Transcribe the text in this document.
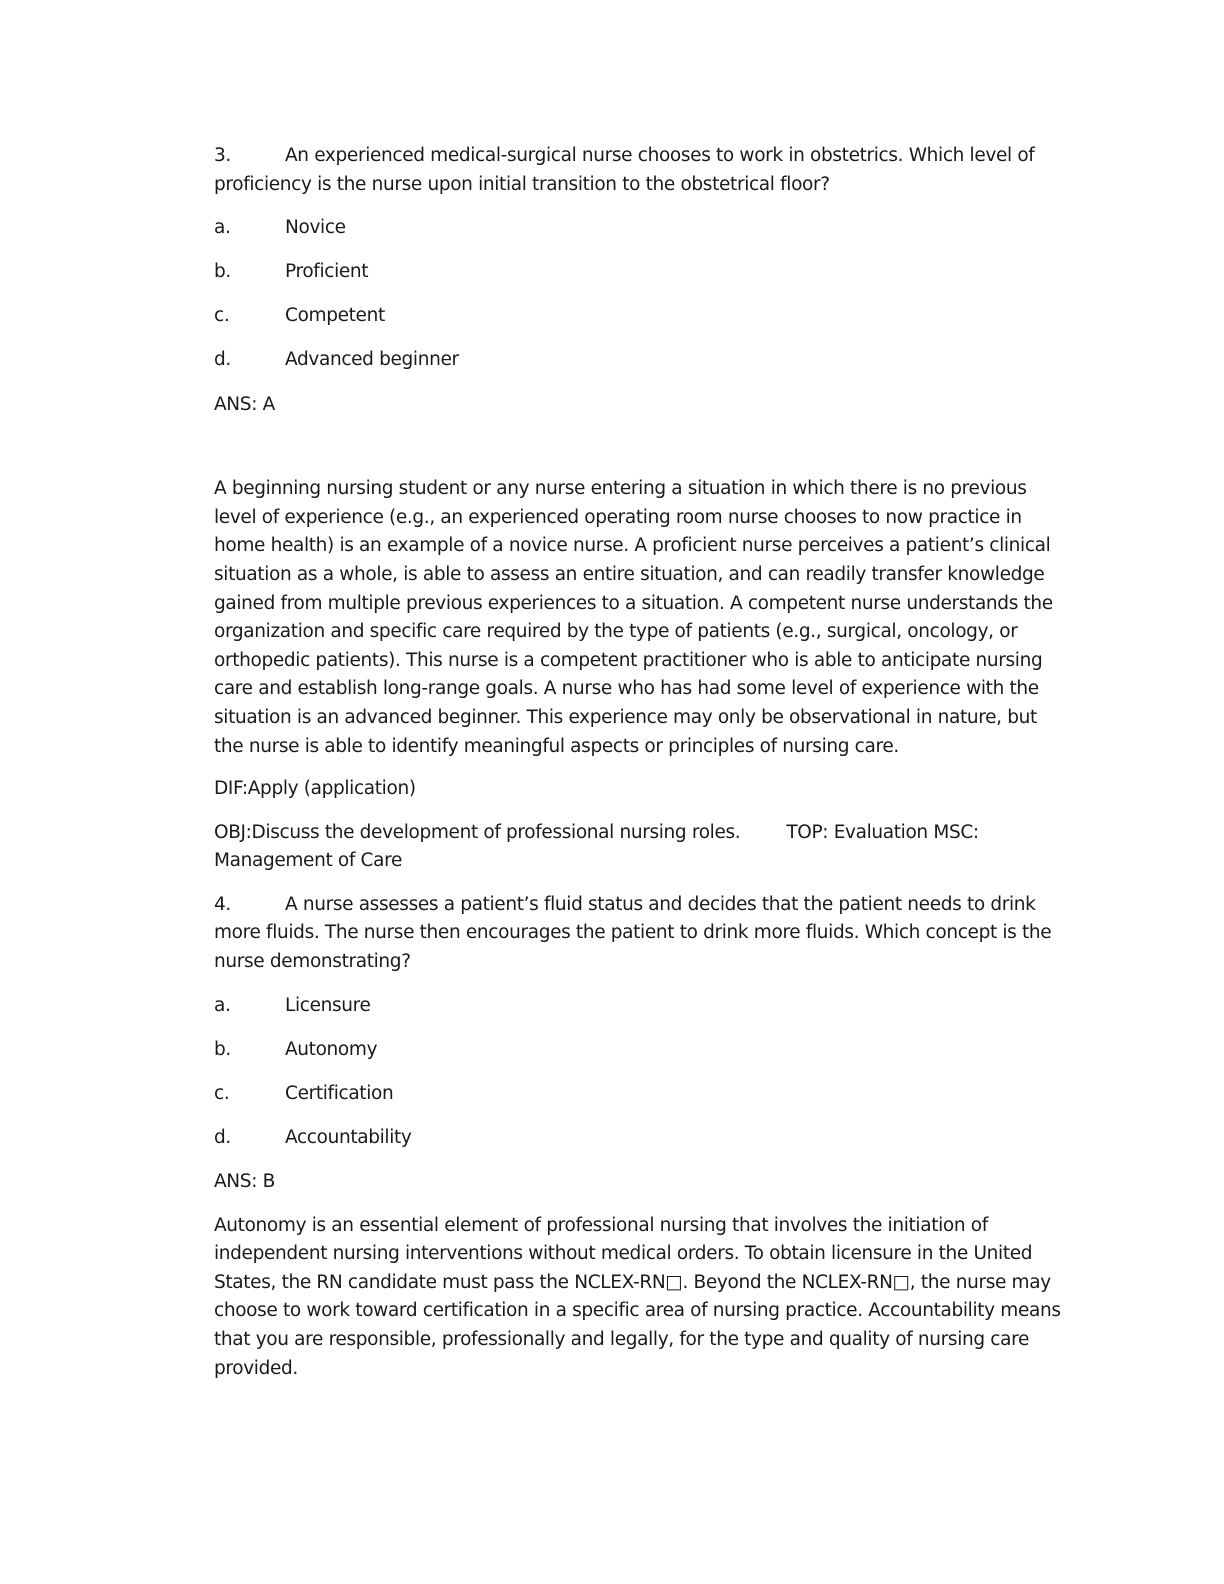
3.	An experienced medical-surgical nurse chooses to work in obstetrics. Which level of proficiency is the nurse upon initial transition to the obstetrical floor?

a.	Novice

b.	Proficient

c.	Competent

d.	Advanced beginner

ANS: A

A beginning nursing student or any nurse entering a situation in which there is no previous level of experience (e.g., an experienced operating room nurse chooses to now practice in home health) is an example of a novice nurse. A proficient nurse perceives a patient’s clinical situation as a whole, is able to assess an entire situation, and can readily transfer knowledge gained from multiple previous experiences to a situation. A competent nurse understands the organization and specific care required by the type of patients (e.g., surgical, oncology, or orthopedic patients). This nurse is a competent practitioner who is able to anticipate nursing care and establish long-range goals. A nurse who has had some level of experience with the situation is an advanced beginner. This experience may only be observational in nature, but the nurse is able to identify meaningful aspects or principles of nursing care.

DIF:Apply (application)

OBJ:Discuss the development of professional nursing roles. TOP: Evaluation MSC: Management of Care

4.	A nurse assesses a patient’s fluid status and decides that the patient needs to drink more fluids. The nurse then encourages the patient to drink more fluids. Which concept is the nurse demonstrating?

a.	Licensure

b.	Autonomy

c.	Certification

d.	Accountability

ANS: B

Autonomy is an essential element of professional nursing that involves the initiation of independent nursing interventions without medical orders. To obtain licensure in the United States, the RN candidate must pass the NCLEX-RN□. Beyond the NCLEX-RN□, the nurse may choose to work toward certification in a specific area of nursing practice. Accountability means that you are responsible, professionally and legally, for the type and quality of nursing care provided.
